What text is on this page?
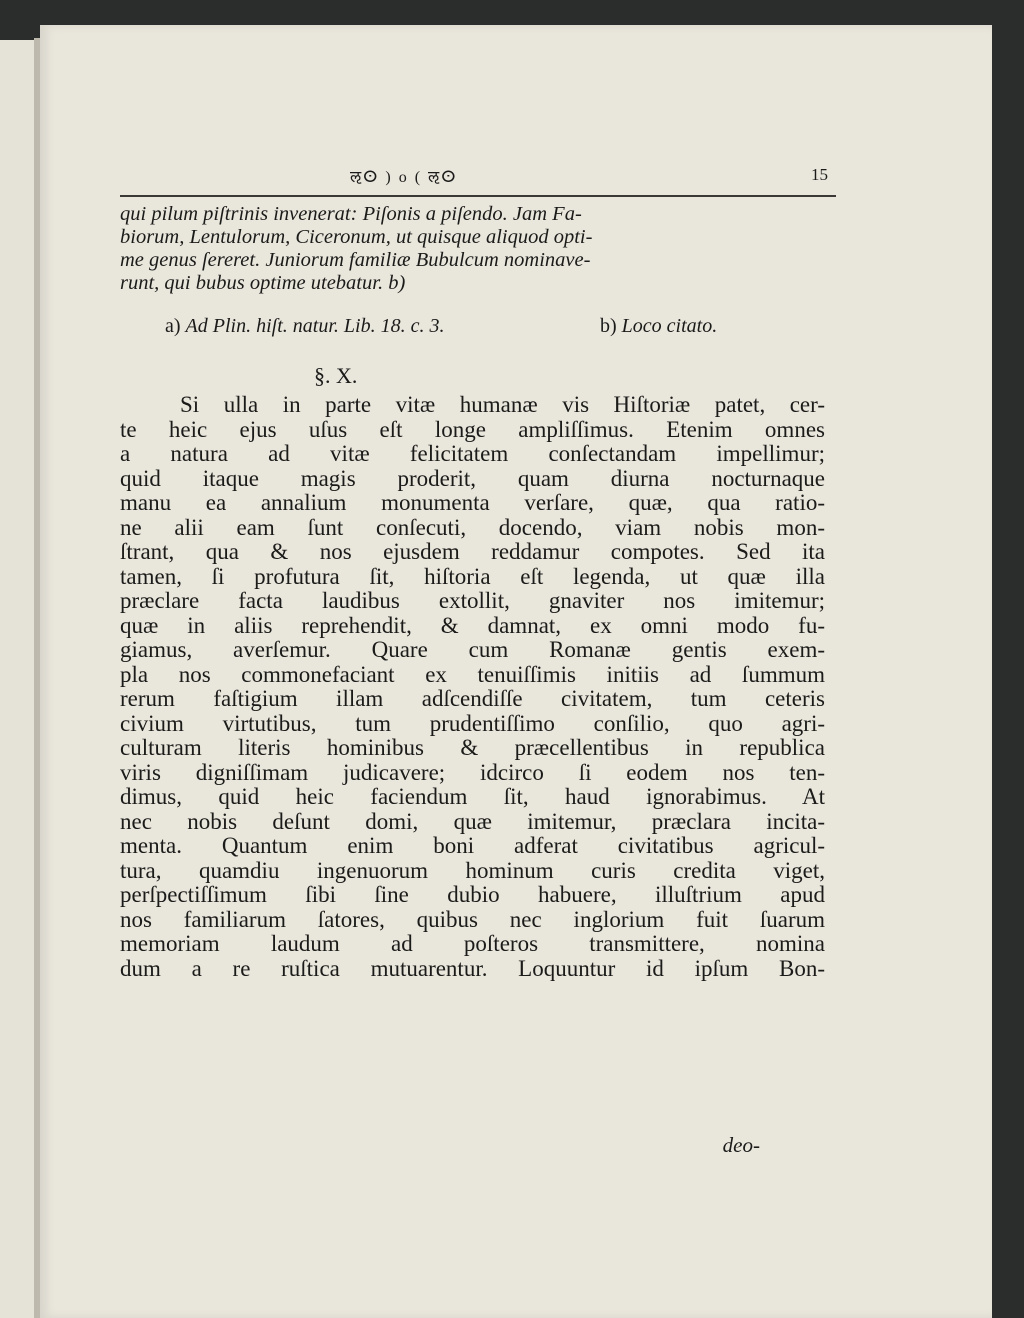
ऌⵙ ) o ( ऌⵙ	15

qui pilum piſtrinis invenerat: Piſonis a piſendo. Jam Fa-
biorum, Lentulorum, Ciceronum, ut quisque aliquod opti-
me genus ſereret. Juniorum familiæ Bubulcum nominave-
runt, qui bubus optime utebatur. b)

a) Ad Plin. hiſt. natur. Lib. 18. c. 3.	b) Loco citato.
§. X.
Si ulla in parte vitæ humanæ vis Hiſtoriæ patet, cer-
te heic ejus uſus eſt longe ampliſſimus. Etenim omnes
a natura ad vitæ felicitatem conſectandam impellimur;
quid itaque magis proderit, quam diurna nocturnaque
manu ea annalium monumenta verſare, quæ, qua ratio-
ne alii eam ſunt conſecuti, docendo, viam nobis mon-
ſtrant, qua & nos ejusdem reddamur compotes. Sed ita
tamen, ſi profutura ſit, hiſtoria eſt legenda, ut quæ illa
præclare facta laudibus extollit, gnaviter nos imitemur;
quæ in aliis reprehendit, & damnat, ex omni modo fu-
giamus, averſemur. Quare cum Romanæ gentis exem-
pla nos commonefaciant ex tenuiſſimis initiis ad ſummum
rerum faſtigium illam adſcendiſſe civitatem, tum ceteris
civium virtutibus, tum prudentiſſimo conſilio, quo agri-
culturam literis hominibus & præcellentibus in republica
viris digniſſimam judicavere; idcirco ſi eodem nos ten-
dimus, quid heic faciendum ſit, haud ignorabimus. At
nec nobis deſunt domi, quæ imitemur, præclara incita-
menta. Quantum enim boni adferat civitatibus agricul-
tura, quamdiu ingenuorum hominum curis credita viget,
perſpectiſſimum ſibi ſine dubio habuere, illuſtrium apud
nos familiarum ſatores, quibus nec inglorium fuit ſuarum
memoriam laudum ad poſteros transmittere, nomina
dum a re ruſtica mutuarentur. Loquuntur id ipſum Bon-
deo-
